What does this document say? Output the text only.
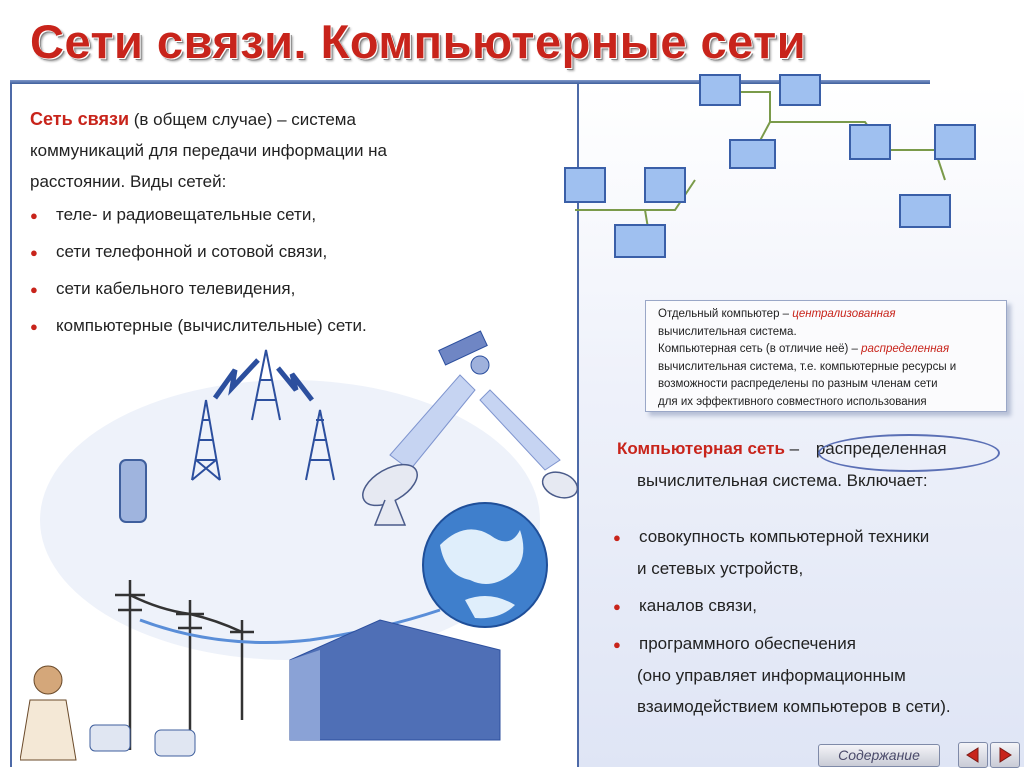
Сети связи. Компьютерные сети
Сеть связи (в общем случае) – система коммуникаций для передачи информации на расстоянии. Виды сетей:
● теле- и радиовещательные сети,
● сети телефонной и сотовой связи,
● сети кабельного телевидения,
● компьютерные (вычислительные) сети.
Отдельный компьютер – централизованная
вычислительная система.
Компьютерная сеть (в отличие неё) – распределенная
вычислительная система, т.е. компьютерные ресурсы и
возможности распределены по разным членам сети
для их эффективного совместного использования
Компьютерная сеть – распределенная
вычислительная система. Включает:
● совокупность компьютерной техники
и сетевых устройств,
● каналов связи,
● программного обеспечения
(оно управляет информационным
взаимодействием компьютеров в сети).
Содержание
